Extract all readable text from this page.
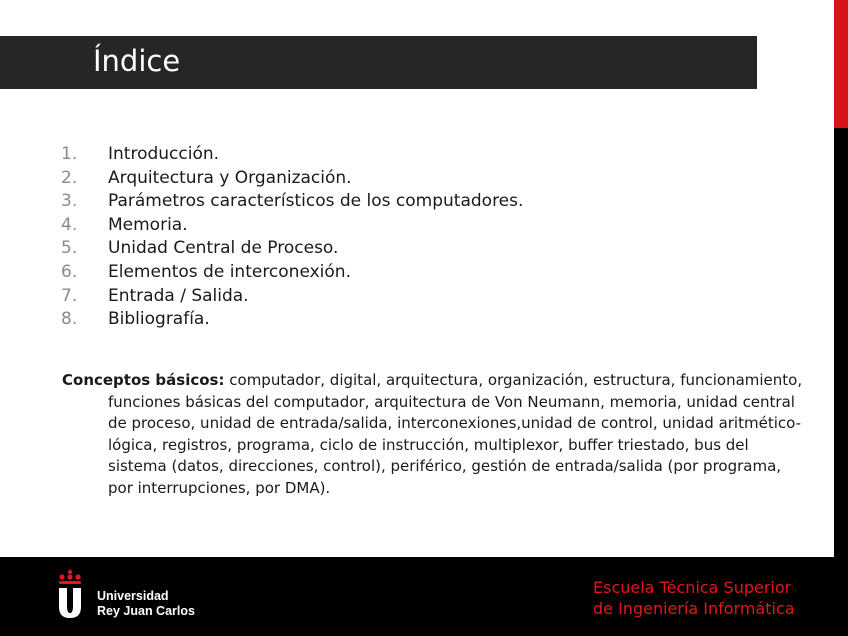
Índice
1.	Introducción.
2.	Arquitectura y Organización.
3.	Parámetros característicos de los computadores.
4.	Memoria.
5.	Unidad Central de Proceso.
6.	Elementos de interconexión.
7.	Entrada / Salida.
8.	Bibliografía.
Conceptos básicos: computador, digital, arquitectura, organización, estructura, funcionamiento, funciones básicas del computador, arquitectura de Von Neumann, memoria, unidad central de proceso, unidad de entrada/salida, interconexiones,unidad de control, unidad aritmético-lógica, registros, programa, ciclo de instrucción, multiplexor, buffer triestado, bus del sistema (datos, direcciones, control), periférico, gestión de entrada/salida (por programa, por interrupciones, por DMA).
Universidad
Rey Juan Carlos
Escuela Técnica Superior
de Ingeniería Informática
